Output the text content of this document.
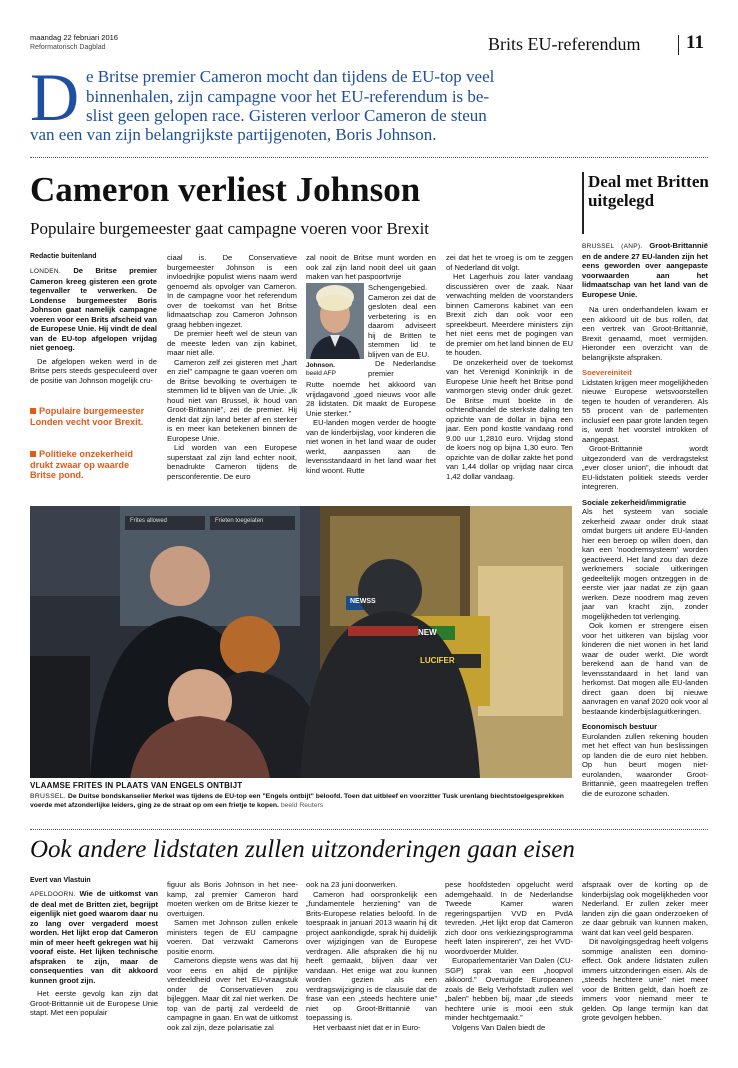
maandag 22 februari 2016
Reformatorisch Dagblad	Brits EU-referendum 11
D e Britse premier Cameron mocht dan tijdens de EU-top veel
binnenhalen, zijn campagne voor het EU-referendum is be-
slist geen gelopen race. Gisteren verloor Cameron de steun
van een van zijn belangrijkste partijgenoten, Boris Johnson.
Cameron verliest Johnson
Populaire burgemeester gaat campagne voeren voor Brexit
Redactie buitenland

LONDEN. De Britse premier Cameron kreeg gisteren een grote tegenvaller te verwerken. De Londense burgemeester Boris Johnson gaat namelijk campagne voeren voor een Brits afscheid van de Europese Unie. Hij vindt de deal van de EU-top afgelopen vrijdag niet genoeg.

De afgelopen weken werd in de Britse pers steeds gespeculeerd over de positie van Johnson mogelijk cru-

Populaire burgemeester Londen vecht voor Brexit.
Politieke onzekerheid drukt zwaar op waarde Britse pond.

ciaal is. De Conservatieve burgemeester Johnson is een invloedrijke populist wiens naam werd genoemd als opvolger van Cameron. In de campagne voor het referendum over de toekomst van het Britse lidmaatschap zou Cameron Johnson graag hebben ingezet.

De premier heeft wel de steun van de meeste leden van zijn kabinet, maar niet alle.

Cameron zelf zei gisteren met „hart en ziel” campagne te gaan voeren om de Britse bevolking te overtuigen te stemmen lid te blijven van de Unie. „Ik houd niet van Brussel, ik houd van Groot-Brittannië”, zei de premier. Hij denkt dat zijn land beter af en sterker is en meer kan betekenen binnen de Europese Unie.

Lid worden van een Europese superstaat zal zijn land echter nooit, benadrukte Cameron tijdens de persconferentie. De euro

zal nooit de Britse munt worden en ook zal zijn land nooit deel uit gaan maken van het paspoortvrije

Johnson.
beeld AFP

Schengengebied. Cameron zei dat de gesloten deal een verbetering is en daarom adviseert hij de Britten te stemmen lid te blijven van de EU.

De Nederlandse premier

Rutte noemde het akkoord van vrijdagavond „goed nieuws voor alle 28 lidstaten. Dit maakt de Europese Unie sterker.”

EU-landen mogen verder de hoogte van de kinderbijslag, voor kinderen die niet wonen in het land waar de ouder werkt, aanpassen aan de levensstandaard in het land waar het kind woont. Rutte

zei dat het te vroeg is om te zeggen of Nederland dit volgt.

Het Lagerhuis zou later vandaag discussiëren over de zaak. Naar verwachting melden de voorstanders binnen Camerons kabinet van een Brexit zich dan ook voor een spreekbeurt. Meerdere ministers zijn het niet eens met de pogingen van de premier om het land binnen de EU te houden.

De onzekerheid over de toekomst van het Verenigd Koninkrijk in de Europese Unie heeft het Britse pond vanmorgen stevig onder druk gezet. De Britse munt boekte in de ochtendhandel de sterkste daling ten opzichte van de dollar in bijna een jaar. Een pond kostte vandaag rond 9.00 uur 1,2810 euro. Vrijdag stond de koers nog op bijna 1,30 euro. Ten opzichte van de dollar zakte het pond van 1,44 dollar op vrijdag naar circa 1,42 dollar vandaag.

Frites allowed	Frieten toegelaten
NEW
LUCIFER
NEWSS
VLAAMSE FRITES IN PLAATS VAN ENGELS ONTBIJT
BRUSSEL. De Duitse bondskanselier Merkel was tijdens de EU-top een "Engels ontbijt" beloofd. Toen dat uitbleef en voorzitter Tusk urenlang biechtstoelgesprekken voerde met afzonderlijke leiders, ging ze de straat op om een frietje te kopen. beeld Reuters
Deal met Britten uitgelegd

BRUSSEL (ANP). Groot-Brittannië en de andere 27 EU-landen zijn het eens geworden over aangepaste voorwaarden aan het lidmaatschap van het land van de Europese Unie.

Na uren onderhandelen kwam er een akkoord uit de bus rollen, dat een vertrek van Groot-Brittannië, Brexit genaamd, moet vermijden. Hieronder een overzicht van de belangrijkste afspraken.

Soevereiniteit

Lidstaten krijgen meer mogelijkheden nieuwe Europese wetsvoorstellen tegen te houden of veranderen. Als 55 procent van de parlementen inclusief een paar grote landen tegen is, wordt het voorstel introkken of aangepast.

Groot-Brittannië wordt uitgezonderd van de verdragstekst „ever closer union”, die inhoudt dat EU-lidstaten politiek steeds verder integreren.

Sociale zekerheid/immigratie

Als het systeem van sociale zekerheid zwaar onder druk staat omdat burgers uit andere EU-landen hier een beroep op willen doen, dan kan een 'noodremsysteem' worden geactiveerd. Het land zou dan deze werknemers sociale uitkeringen gedeeltelijk mogen ontzeggen in de eerste vier jaar nadat ze zijn gaan werken. Deze noodrem mag zeven jaar van kracht zijn, zonder mogelijkheden tot verlenging.

Ook komen er strengere eisen voor het uitkeren van bijslag voor kinderen die niet wonen in het land waar de ouder werkt. Die wordt berekend aan de hand van de levensstandaard in het land van herkomst. Dat mogen alle EU-landen direct gaan doen bij nieuwe aanvragen en vanaf 2020 ook voor al bestaande kinderbijslaguitkeringen.

Economisch bestuur

Eurolanden zullen rekening houden met het effect van hun beslissingen op landen die de euro niet hebben. Op hun beurt mogen niet-eurolanden, waaronder Groot-Brittannië, geen maatregelen treffen die de eurozone schaden.

Ook andere lidstaten zullen uitzonderingen gaan eisen
Evert van Vlastuin

APELDOORN. Wie de uitkomst van de deal met de Britten ziet, begrijpt eigenlijk niet goed waarom daar nu zo lang over vergaderd moest worden. Het lijkt erop dat Cameron min of meer heeft gekregen wat hij vooraf eiste. Het lijken technische afspraken te zijn, maar de consequenties van dit akkoord kunnen groot zijn.

Het eerste gevolg kan zijn dat Groot-Brittannië uit de Europese Unie stapt. Met een populair

figuur als Boris Johnson in het nee-kamp, zal premier Cameron hard moeten werken om de Britse kiezer te overtuigen.

Samen met Johnson zullen enkele ministers tegen de EU campagne voeren. Dat verzwakt Camerons positie enorm.

Camerons diepste wens was dat hij voor eens en altijd de pijnlijke verdeeldheid over het EU-vraagstuk onder de Conservatieven zou bijleggen. Maar dit zal niet werken. De top van de partij zal verdeeld de campagne in gaan. En wat de uitkomst ook zal zijn, deze polarisatie zal

ook na 23 juni doorwerken.

Cameron had oorspronkelijk een „fundamentele herziening” van de Brits-Europese relaties beloofd. In de toespraak in januari 2013 waarin hij dit project aankondigde, sprak hij duidelijk over wijzigingen van de Europese verdragen. Alle afspraken die hij nu heeft gemaakt, blijven daar ver vandaan. Het enige wat zou kunnen worden gezien als een verdragswijziging is de clausule dat de frase van een „steeds hechtere unie” niet op Groot-Brittannië van toepassing is.

Het verbaast niet dat er in Euro-

pese hoofdsteden opgelucht werd ademgehaald. In de Nederlandse Tweede Kamer waren regeringspartijen VVD en PvdA tevreden. „Het lijkt erop dat Cameron zich door ons verkiezingsprogramma heeft laten inspireren”, zei het VVD-woordvoerder Mulder.

Europarlementariër Van Dalen (CU-SGP) sprak van een „hoopvol akkoord.” Overtuigde Europeanen zoals de Belg Verhofstadt zullen wel „balen” hebben bij, maar „de steeds hechtere unie is mooi een stuk minder hechtgemaakt.”

Volgens Van Dalen biedt de

afspraak over de korting op de kinderbijslag ook mogelijkheden voor Nederland. Er zullen zeker meer landen zijn die gaan onderzoeken of ze daar gebruik van kunnen maken, want dat kan veel geld besparen.

Dit navolgingsgedrag heeft volgens sommige analisten een domino-effect. Ook andere lidstaten zullen immers uitzonderingen eisen. Als de „steeds hechtere unie” niet meer voor de Britten geldt, dan hoeft ze immers voor niemand meer te gelden. Op lange termijn kan dat grote gevolgen hebben.
